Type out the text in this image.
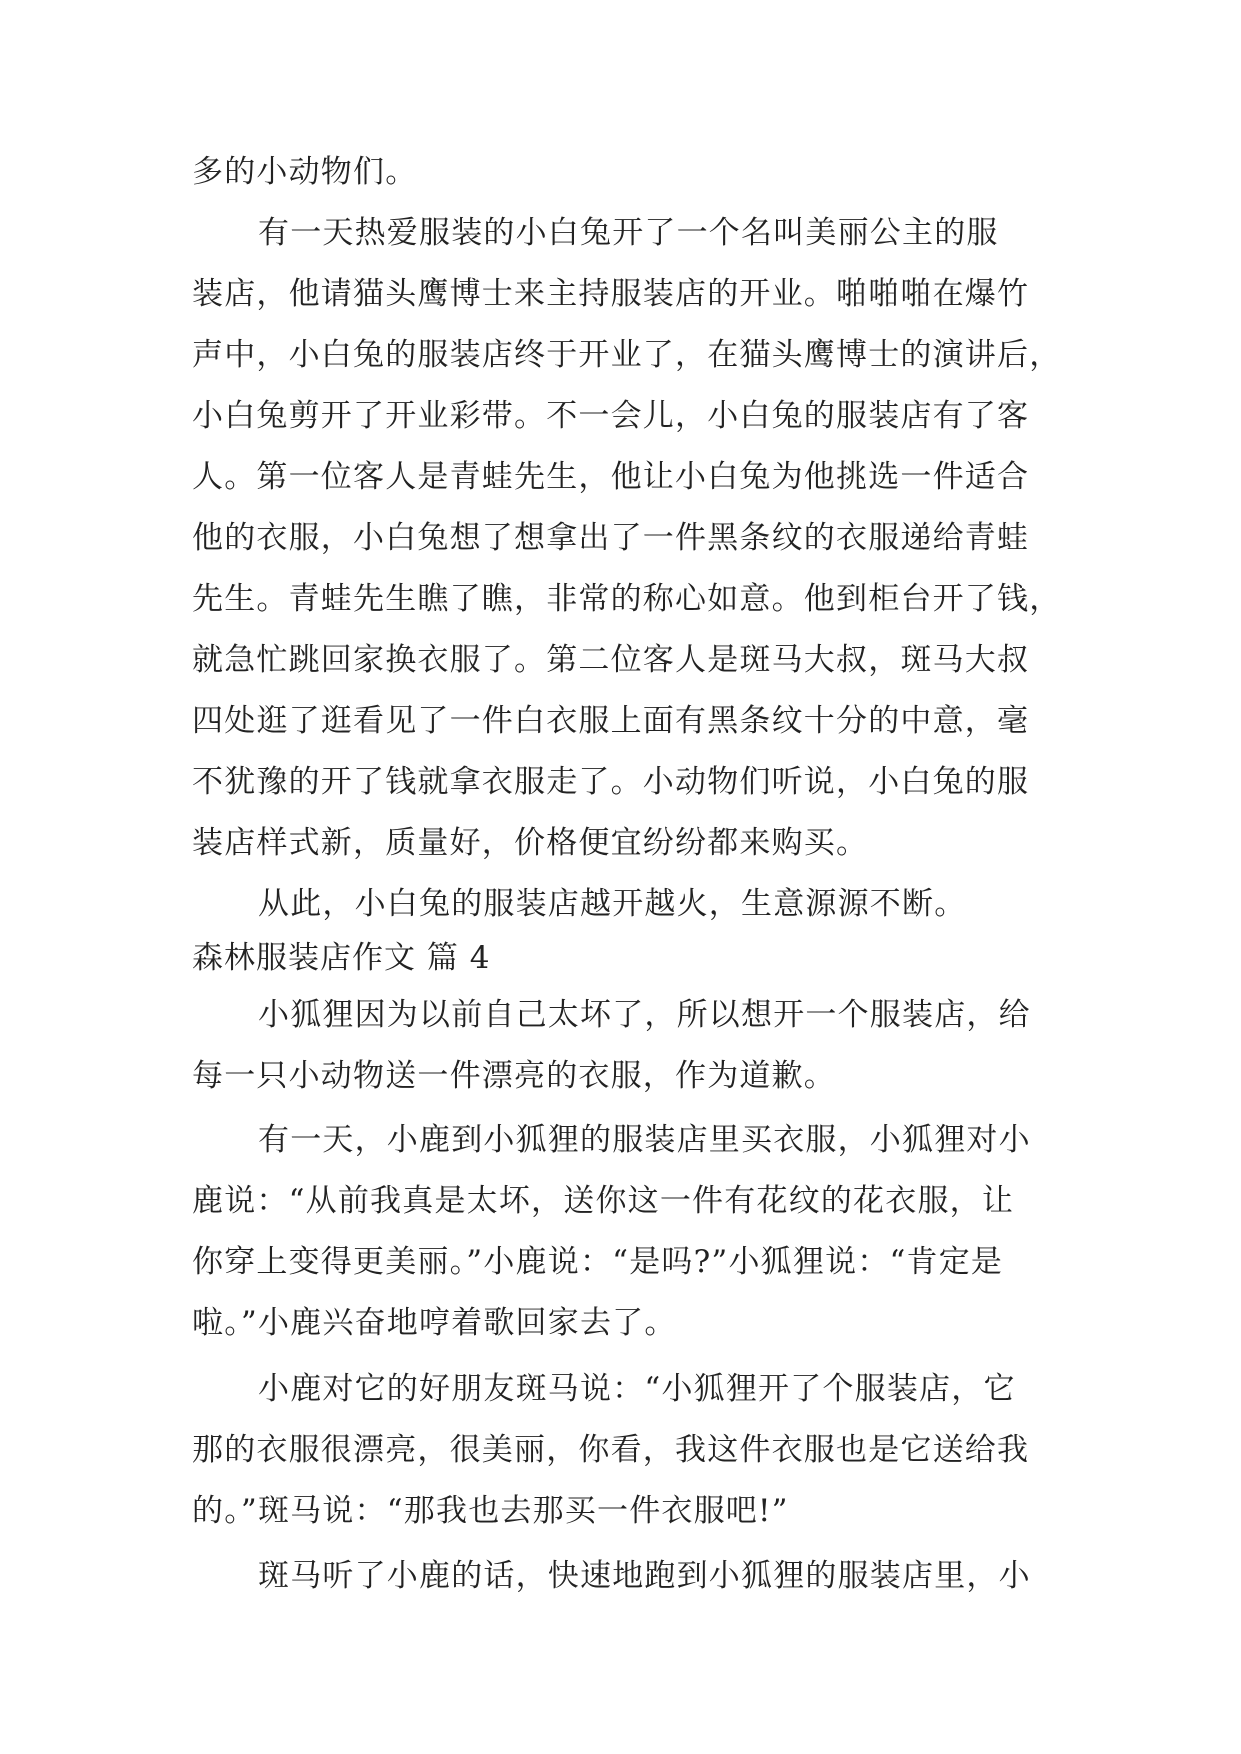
多的小动物们。
有一天热爱服装的小白兔开了一个名叫美丽公主的服
装店，他请猫头鹰博士来主持服装店的开业。啪啪啪在爆竹
声中，小白兔的服装店终于开业了，在猫头鹰博士的演讲后，
小白兔剪开了开业彩带。不一会儿，小白兔的服装店有了客
人。第一位客人是青蛙先生，他让小白兔为他挑选一件适合
他的衣服，小白兔想了想拿出了一件黑条纹的衣服递给青蛙
先生。青蛙先生瞧了瞧，非常的称心如意。他到柜台开了钱，
就急忙跳回家换衣服了。第二位客人是斑马大叔，斑马大叔
四处逛了逛看见了一件白衣服上面有黑条纹十分的中意，毫
不犹豫的开了钱就拿衣服走了。小动物们听说，小白兔的服
装店样式新，质量好，价格便宜纷纷都来购买。
从此，小白兔的服装店越开越火，生意源源不断。
森林服装店作文 篇 4
小狐狸因为以前自己太坏了，所以想开一个服装店，给
每一只小动物送一件漂亮的衣服，作为道歉。
有一天，小鹿到小狐狸的服装店里买衣服，小狐狸对小
鹿说：“从前我真是太坏，送你这一件有花纹的花衣服，让
你穿上变得更美丽。”小鹿说：“是吗?”小狐狸说：“肯定是
啦。”小鹿兴奋地哼着歌回家去了。
小鹿对它的好朋友斑马说：“小狐狸开了个服装店，它
那的衣服很漂亮，很美丽，你看，我这件衣服也是它送给我
的。”斑马说：“那我也去那买一件衣服吧!”
斑马听了小鹿的话，快速地跑到小狐狸的服装店里，小
